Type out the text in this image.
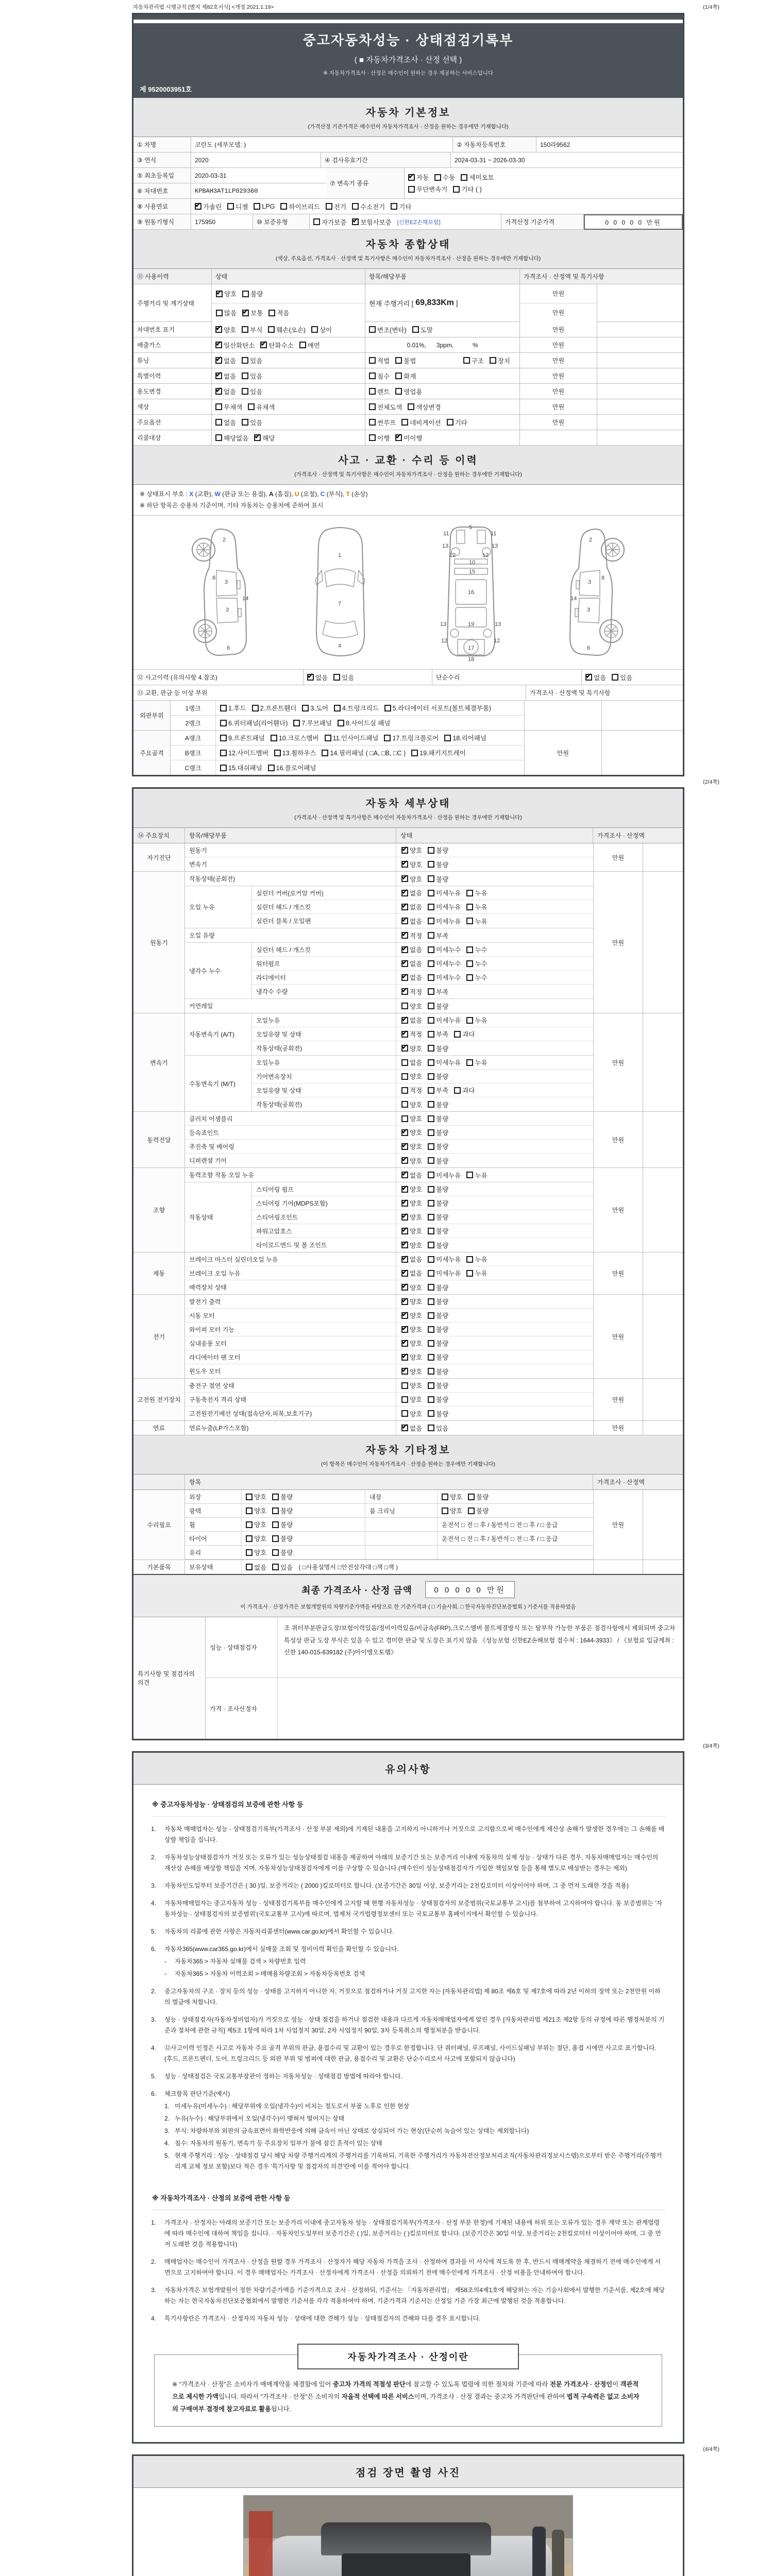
자동차관리법 시행규칙 [별지 제82호서식] <개정 2021.1.19>	(1/4쪽)
중고자동차성능 · 상태점검기록부
( ■ 자동차가격조사 · 산정 선택 )
※ 자동차가격조사 · 산정은 매수인이 원하는 경우 제공하는 서비스입니다
제 9520003951호
자동차 기본정보
(가격산정 기준가격은 매수인이 자동차가격조사 · 산정을 원하는 경우에만 기재합니다)
① 차명	코란도 (세부모델: )	② 자동차등록번호	150라9562
③ 연식	2020	④ 검사유효기간	2024-03-31 ~ 2026-03-30
⑤ 최초등록일	2020-03-31
⑥ 차대번호	KPBAH3AT1LP029360
⑦ 변속기 종류
✔
자동 수동 세미오토
무단변속기 기타 ( )
⑧ 사용연료 ✔	가솔린 디젤 LPG 하이브리드 전기 수소전기 기타
⑨ 원동기형식	175950	⑩ 보증유형	자가보증 ✔ 보험사보증 [신한EZ손해보험]	가격산정 기준가격	0 0 0 0 0 만원
자동차 종합상태
(색상, 주요옵션, 가격조사 · 산정액 및 특기사항은 매수인이 자동차가격조사 · 산정을 원하는 경우에만 기재합니다)
⑪ 사용이력	상태	항목/해당부품	가격조사 · 산정액 및 특기사항
주행거리 및 계기상태
✔
양호 불량
많음 ✔ 보통 적음
현재 주행거리 [ 69,833Km ]
만원
만원
차대번호 표기 ✔	양호 부식 훼손(오손) 상이	변조(변타) 도말	만원
배출가스 ✔	일산화탄소 ✔ 탄화수소 매연	0.01%,      3ppm,           %	만원
튜닝 ✔	없음 있음	적법 불법	구조 장치	만원
특별이력 ✔	없음 있음	침수 화재	만원
용도변경 ✔	없음 있음	렌트 영업용	만원
색상	무채색 유채색	전체도색 색상변경	만원
주요옵션	없음 있음	썬루프 네비게이션 기타	만원
리콜대상	해당없음 ✔ 해당	이행 ✔ 미이행
사고 · 교환 · 수리 등 이력
(가격조사 · 산정액 및 특기사항은 매수인이 자동차가격조사 · 산정을 원하는 경우에만 기재합니다)
※ 상태표시 부호 : X (교환), W (판금 또는 용접), A (흠집), U (요철), C (부식), T (손상)
※ 하단 항목은 승용차 기준이며, 기타 자동차는 승용차에 준하여 표시
2
8
3
3
14
6
1
7
4
5
11	11
13	13
12	12
10
15
16
13	13
12	12
19
17
18
2
8
3
3
14
6
⑫ 사고이력 (유의사항 4.참조) ✔	없음 있음	단순수리 ✔	없음 있음
⑬ 교환, 판금 등 이상 부위	가격조사 · 산정액 및 특기사항
외판부위
1랭크	1.후드 2.프론트휀더 3.도어 4.트렁크리드 5.라디에이터 서포트(볼트체결부품)
2랭크	6.쿼터패널(리어휀다) 7.루브패널 8.사이드실 패널
주요골격
A랭크	9.프론트패널 10.크로스멤버 11.인사이드패널 17.트렁크플로어 18.리어패널
B랭크	12.사이드멤버 13.휠하우스 14.필러패널 ( □A, □B, □C ) 19.패키지트레이
C랭크	15.대쉬패널 16.플로어패널
만원
(2/4쪽)
자동차 세부상태
(가격조사 · 산정액 및 특기사항은 매수인이 자동차가격조사 · 산정을 원하는 경우에만 기재합니다)
⑭ 주요장치	항목/해당부품	상태	가격조사 · 산정액
자기진단
원동기 ✔	양호 불량
변속기 ✔	양호 불량
만원
원동기
작동상태(공회전) ✔	양호 불량
오일 누유
실린더 커버(로커암 커버) ✔	없음 미세누유 누유
실린더 헤드 / 개스킷 ✔	없음 미세누유 누유
실린더 블록 / 오일팬 ✔	없음 미세누유 누유
오일 유량 ✔	적정 부족
냉각수 누수
실린더 헤드 / 개스킷 ✔	없음 미세누수 누수
워터펌프 ✔	없음 미세누수 누수
라디에이터 ✔	없음 미세누수 누수
냉각수 수량 ✔	적정 부족
커먼레일	양호 불량
만원
변속기
자동변속기 (A/T)
오일누유 ✔	없음 미세누유 누유
오일유량 및 상태 ✔	적정 부족 과다
작동상태(공회전) ✔	양호 불량
수동변속기 (M/T)
오일누유	없음 미세누유 누유
기어변속장치	양호 불량
오일유량 및 상태	적정 부족 과다
작동상태(공회전)	양호 불량
만원
동력전달
클러치 어셈블리	양호 불량
등속죠인트 ✔	양호 불량
추진축 및 베어링 ✔	양호 불량
디퍼렌셜 기어 ✔	양호 불량
만원
조향
동력조향 작동 오일 누유 ✔	없음 미세누유 누유
작동상태
스티어링 펌프 ✔	양호 불량
스티어링 기어(MDPS포함) ✔	양호 불량
스티어링조인트 ✔	양호 불량
파워고압호스 ✔	양호 불량
타이로드엔드 및 볼 조인트 ✔	양호 불량
만원
제동
브레이크 마스터 실린더오일 누유 ✔	없음 미세누유 누유
브레이크 오일 누유 ✔	없음 미세누유 누유
배력장치 상태 ✔	양호 불량
만원
전기
발전기 출력 ✔	양호 불량
시동 모터 ✔	양호 불량
와이퍼 모터 기능 ✔	양호 불량
실내송풍 모터 ✔	양호 불량
라디에이터 팬 모터 ✔	양호 불량
윈도우 모터 ✔	양호 불량
만원
고전원 전기장치
충전구 절연 상태	양호 불량
구동축전지 격리 상태	양호 불량
고전원전기배선 상태(접속단자,피복,보호기구)	양호 불량
만원
연료	연료누출(LP가스포함) ✔	없음 있음	만원
자동차 기타정보
(이 항목은 매수인이 자동차가격조사 · 산정을 원하는 경우에만 기재합니다)
항목	가격조사 · 산정액
수리필요
외장	양호 불량	내장	양호 불량
광택	양호 불량	룸 크리닝	양호 불량
휠	양호 불량	운전석 □ 전 □ 후 / 동반석 □ 전 □ 후 / □ 응급
타이어	양호 불량	운전석 □ 전 □ 후 / 동반석 □ 전 □ 후 / □ 응급
유리	양호 불량
만원
기본품목	보유상태	없음 있음 ( □사용설명서 □안전삼각대 □잭 □잭 )
최종 가격조사 · 산정 금액	0 0 0 0 0 만원
이 가격조사 · 산정가격은 보험개발원의 차량기준가액을 바탕으로 한 기준가격과 ( □ 기술사회, □ 한국자동차진단보증협회 ) 기준서를 적용하였음
특기사항 및 점검자의 의견
성능 · 상태점검자
조 쿼터부분판금도장/보험이력있음/정비이력있음/비금속(FRP),크로스멤버 볼트체결방식 또는 탈부착 가능한 부품은 점검사항에서 제외되며 중고차 특성상 판금 도장 부식은 있을 수 있고 경미한 판금 및 도장은 표기치 않음 《성능보험 신한EZ손해보험 접수처 : 1644-3933》 / 《보험료 입금계좌 : 신한 140-015-639182 (주)아이엠오토랩》
가격 · 조사산정자
(3/4쪽)
유의사항
※ 중고자동차성능 · 상태점검의 보증에 관한 사항 등
1.	자동차 매매업자는 성능 · 상태점검기록부(가격조사 · 산정 부분 제외)에 기재된 내용을 고지하지 아니하거나 거짓으로 고지함으로써 매수인에게 재산상 손해가 발생한 경우에는 그 손해를 배상할 책임을 집니다.
2.	자동차성능상태점검자가 거짓 또는 오류가 있는 성능상태점검 내용을 제공하여 아래의 보증기간 또는 보증거리 이내에 자동차의 실제 성능 · 상태가 다른 경우, 자동차매매업자는 매수인의 재산상 손해를 배상할 책임을 지며, 자동차성능상태점검자에게 이를 구상할 수 있습니다.(매수인이 성능상태점검자가 가입한 책임보험 등을 통해 별도로 배상받는 경우는 제외)
3.	자동차인도일부터 보증기간은 ( 30 )일, 보증거리는 ( 2000 )킬로미터로 합니다. (보증기간은 30일 이상, 보증거리는 2천킬로미터 이상이어야 하며, 그 중 먼저 도래한 것을 적용)
4.	자동차매매업자는 중고자동차 성능 · 상태점검기록부를 매수인에게 고지할 때 현행 자동차성능 · 상태점검자의 보증범위(국토교통부 고시)를 첨부하여 고지하여야 합니다. 동 보증범위는 '자동차성능 · 상태점검자의 보증범위'(국토교통부 고시)에 따르며, 법제처 국가법령정보센터 또는 국토교통부 홈페이지에서 확인할 수 있습니다.
5.	자동차의 리콜에 관한 사항은 자동차리콜센터(www.car.go.kr)에서 확인할 수 있습니다.
6.	자동차365(www.car365.go.kr)에서 실매물 조회 및 정비이력 확인을 확인할 수 있습니다.
-	자동차365 > 자동차 실매물 검색 > 차량번호 입력
-	자동차365 > 자동차 이력조회 > 매매용차량조회 > 자동차등록번호 검색
2.	중고자동차의 구조 · 장치 등의 성능 · 상태를 고지하지 아니한 자, 거짓으로 점검하거나 거짓 고지한 자는 [자동차관리법] 제 80조 제6호 및 제7호에 따라 2년 이하의 징역 또는 2천만원 이하의 벌금에 처합니다.
3.	성능 · 상태점검자(자동차정비업자)가 거짓으로 성능 · 상태 점검을 하거나 점검한 내용과 다르게 자동차매매업자에게 알린 경우 [자동차관리법 제21조 제2항 등의 규정에 따른 행정처분의 기준과 절차에 관한 규칙] 제5조 1항에 따라 1차 사업정지 30일, 2차 사업정지 90일, 3차 등록취소의 행정처분을 받습니다.
4.	⑫사고이력 인정은 사고로 자동차 주요 골격 부위의 판금, 용접수리 및 교환이 있는 경우로 한정합니다. 단 쿼터패널, 루프패널, 사이드실패널 부위는 절단, 용접 시에만 사고로 표기합니다. (후드, 프론트펜더, 도어, 트렁크리드 등 외판 부위 및 범퍼에 대한 판금, 용접수리 및 교환은 단순수리로서 사고에 포함되지 않습니다)
5.	성능 · 상태점검은 국토교통부장관이 정하는 자동차성능 · 상태점검 방법에 따라야 합니다.
6.	체크항목 판단기준(예시)
1. 미세누유(미세누수) : 해당부위에 오일(냉각수)이 비치는 정도로서 부품 노후로 인한 현상
2. 누유(누수) : 해당부위에서 오일(냉각수)이 맺혀서 떨어지는 상태
3. 부식: 차량하부와 외판의 금속표면이 화학반응에 의해 금속이 아닌 상태로 상실되어 가는 현상(단순히 녹슬어 있는 상태는 제외합니다)
4. 침수: 자동차의 원동기, 변속기 등 주요장치 일부가 물에 잠긴 흔적이 있는 상태
5. 현재 주행거리 : 성능 · 상태점검 당시 해당 차량 주행거리계의 주행거리를 기록하되, 기록한 주행거리가 자동차전산정보처리조직(자동차관리정보시스템)으로부터 받은 주행거리(주행거리계 교체 정보 포함)보다 적은 경우 '특기사항 및 점검자의 의견'란에 이를 적어야 합니다.
※ 자동차가격조사 · 산정의 보증에 관한 사항 등
1.	가격조사 · 산정자는 아래의 보증기간 또는 보증거리 이내에 중고자동차 성능 · 상태점검기록부(가격조사 · 산정 부분 한정)에 기재된 내용에 허위 또는 오류가 있는 경우 계약 또는 관계법령에 따라 매수인에 대하여 책임을 집니다. · 자동차인도일부터 보증기간은 ( )일, 보증거리는 ( )킬로미터로 합니다. (보증기간은 30일 이상, 보증거리는 2천킬로미터 이상이어야 하며, 그 중 먼저 도래한 것을 적용합니다)
2.	매매업자는 매수인이 가격조사 · 산정을 원할 경우 가격조사 · 산정자가 해당 자동차 가격을 조사 · 산정하여 결과를 이 서식에 적도록 한 후, 반드시 매매계약을 체결하기 전에 매수인에게 서면으로 고지하여야 합니다. 이 경우 매매업자는 가격조사 · 산정자에게 가격조사 · 산정을 의뢰하기 전에 매수인에게 가격조사 · 산정 비용을 안내하여야 합니다.
3.	자동차가격은 보험개발원이 정한 차량기준가액을 기준가격으로 조사 · 산정하되, 기준서는 「자동차관리법」 제58조의4제1호에 해당하는 자는 기술사회에서 발행한 기준서를, 제2호에 해당하는 자는 한국자동차진단보증협회에서 발행한 기준서를 각각 적용하여야 하며, 기준가격과 기준서는 산정일 기준 가장 최근에 발행된 것을 적용합니다.
4.	특기사항란은 가격조사 · 산정자의 자동차 성능 · 상태에 대한 견해가 성능 · 상태점검자의 견해와 다를 경우 표시합니다.
자동차가격조사 · 산정이란
※ "가격조사 · 산정"은 소비자가 매매계약을 체결함에 있어 중고차 가격의 적절성 판단에 참고할 수 있도록 법령에 의한 절차와 기준에 따라 전문 가격조사 · 산정인이 객관적으로 제시한 가액입니다. 따라서 "가격조사 · 산정"은 소비자의 자율적 선택에 따른 서비스이며, 가격조사 · 산정 결과는 중고차 가격판단에 관하여 법적 구속력은 없고 소비자의 구매여부 결정에 참고자료로 활용됩니다.
(4/4쪽)
점검 장면 촬영 사진
